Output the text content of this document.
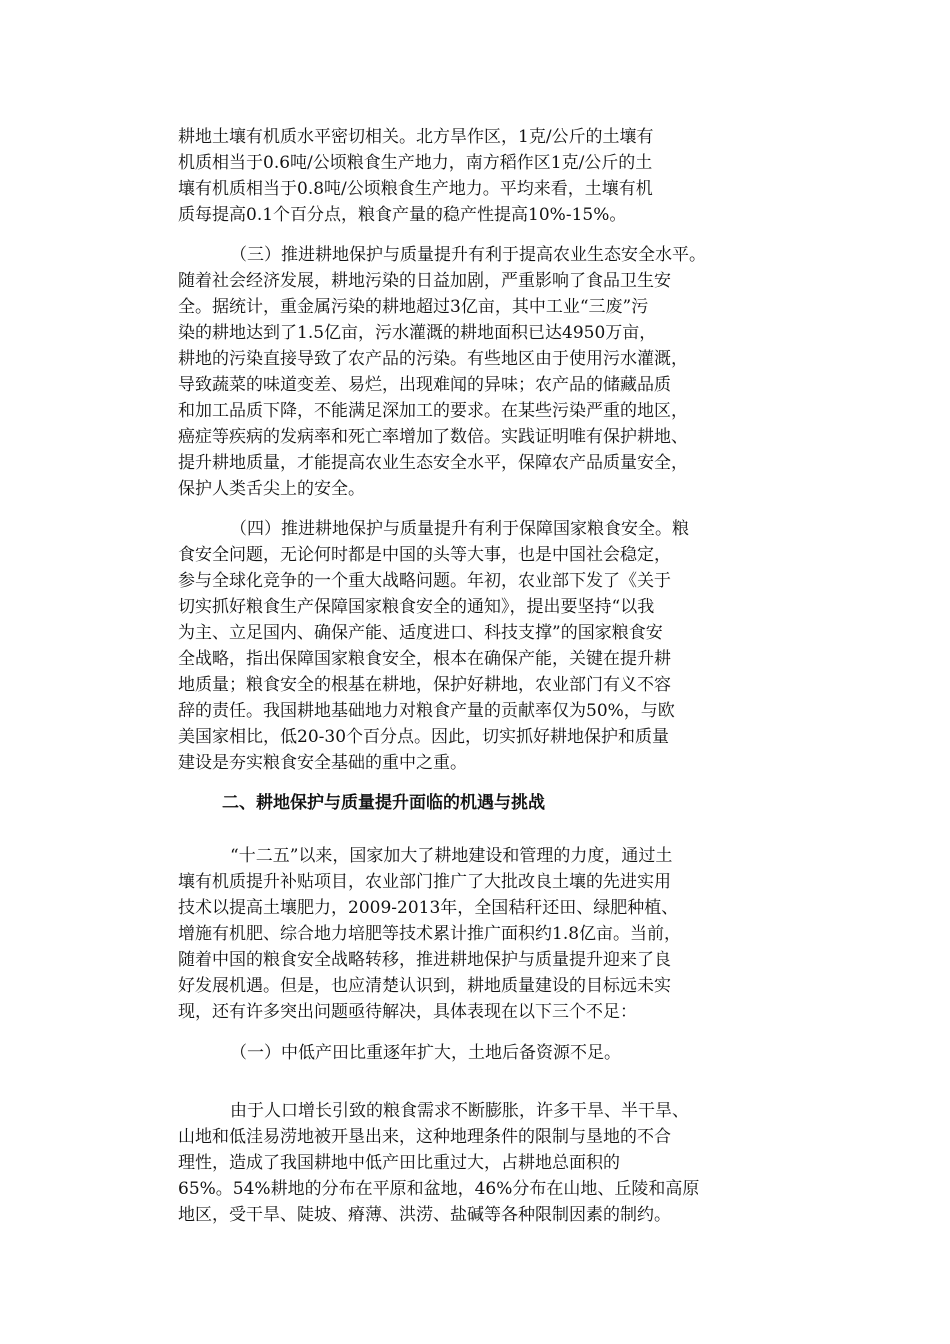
耕地土壤有机质水平密切相关。北方旱作区，1克/公斤的土壤有
机质相当于0.6吨/公顷粮食生产地力，南方稻作区1克/公斤的土
壤有机质相当于0.8吨/公顷粮食生产地力。平均来看，土壤有机
质每提高0.1个百分点，粮食产量的稳产性提高10%-15%。
（三）推进耕地保护与质量提升有利于提高农业生态安全水平。
随着社会经济发展，耕地污染的日益加剧，严重影响了食品卫生安
全。据统计，重金属污染的耕地超过3亿亩，其中工业“三废”污
染的耕地达到了1.5亿亩，污水灌溉的耕地面积已达4950万亩，
耕地的污染直接导致了农产品的污染。有些地区由于使用污水灌溉，
导致蔬菜的味道变差、易烂，出现难闻的异味；农产品的储藏品质
和加工品质下降，不能满足深加工的要求。在某些污染严重的地区，
癌症等疾病的发病率和死亡率增加了数倍。实践证明唯有保护耕地、
提升耕地质量，才能提高农业生态安全水平，保障农产品质量安全，
保护人类舌尖上的安全。
（四）推进耕地保护与质量提升有利于保障国家粮食安全。粮
食安全问题，无论何时都是中国的头等大事，也是中国社会稳定，
参与全球化竞争的一个重大战略问题。年初，农业部下发了《关于
切实抓好粮食生产保障国家粮食安全的通知》，提出要坚持“以我
为主、立足国内、确保产能、适度进口、科技支撑”的国家粮食安
全战略，指出保障国家粮食安全，根本在确保产能，关键在提升耕
地质量；粮食安全的根基在耕地，保护好耕地，农业部门有义不容
辞的责任。我国耕地基础地力对粮食产量的贡献率仅为50%，与欧
美国家相比，低20-30个百分点。因此，切实抓好耕地保护和质量
建设是夯实粮食安全基础的重中之重。
二、耕地保护与质量提升面临的机遇与挑战
“十二五”以来，国家加大了耕地建设和管理的力度，通过土
壤有机质提升补贴项目，农业部门推广了大批改良土壤的先进实用
技术以提高土壤肥力，2009-2013年，全国秸秆还田、绿肥种植、
增施有机肥、综合地力培肥等技术累计推广面积约1.8亿亩。当前，
随着中国的粮食安全战略转移，推进耕地保护与质量提升迎来了良
好发展机遇。但是，也应清楚认识到，耕地质量建设的目标远未实
现，还有许多突出问题亟待解决，具体表现在以下三个不足：
（一）中低产田比重逐年扩大，土地后备资源不足。
由于人口增长引致的粮食需求不断膨胀，许多干旱、半干旱、
山地和低洼易涝地被开垦出来，这种地理条件的限制与垦地的不合
理性，造成了我国耕地中低产田比重过大，占耕地总面积的
65%。54%耕地的分布在平原和盆地，46%分布在山地、丘陵和高原
地区，受干旱、陡坡、瘠薄、洪涝、盐碱等各种限制因素的制约。
